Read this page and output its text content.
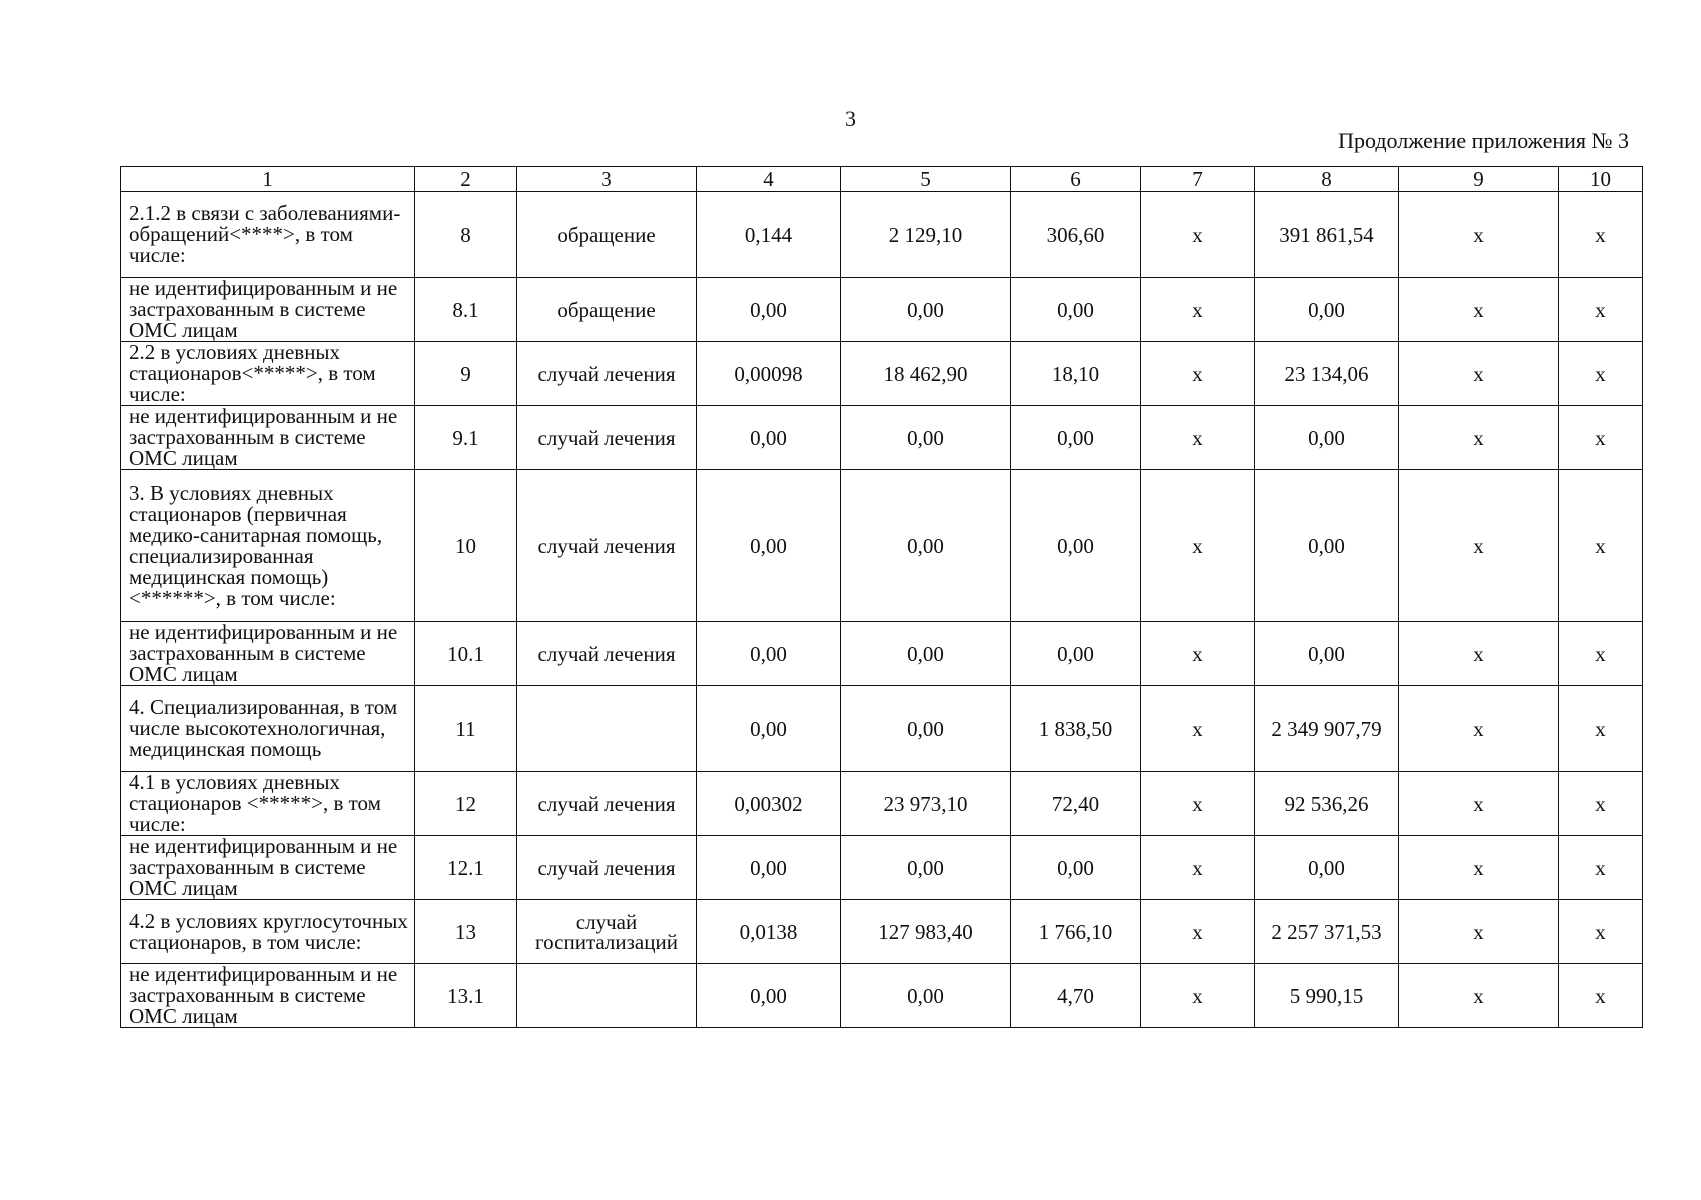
3
Продолжение приложения № 3
1	2	3	4	5	6	7	8	9	10
2.1.2 в связи с заболеваниями-обращений<****>, в том числе:	8	обращение	0,144	2 129,10	306,60	х	391 861,54	х	х
не идентифицированным и не застрахованным в системе ОМС лицам	8.1	обращение	0,00	0,00	0,00	х	0,00	х	х
2.2 в условиях дневных стационаров<*****>, в том числе:	9	случай лечения	0,00098	18 462,90	18,10	х	23 134,06	х	х
не идентифицированным и не застрахованным в системе ОМС лицам	9.1	случай лечения	0,00	0,00	0,00	х	0,00	х	х
3. В условиях дневных стационаров (первичная медико-санитарная помощь, специализированная медицинская помощь) <******>, в том числе:	10	случай лечения	0,00	0,00	0,00	х	0,00	х	х
не идентифицированным и не застрахованным в системе ОМС лицам	10.1	случай лечения	0,00	0,00	0,00	х	0,00	х	х
4. Специализированная, в том числе высокотехнологичная, медицинская помощь	11		0,00	0,00	1 838,50	х	2 349 907,79	х	х
4.1 в условиях дневных стационаров <*****>, в том числе:	12	случай лечения	0,00302	23 973,10	72,40	х	92 536,26	х	х
не идентифицированным и не застрахованным в системе ОМС лицам	12.1	случай лечения	0,00	0,00	0,00	х	0,00	х	х
4.2 в условиях круглосуточных стационаров, в том числе:	13	случай госпитализаций	0,0138	127 983,40	1 766,10	х	2 257 371,53	х	х
не идентифицированным и не застрахованным в системе ОМС лицам	13.1		0,00	0,00	4,70	х	5 990,15	х	х
